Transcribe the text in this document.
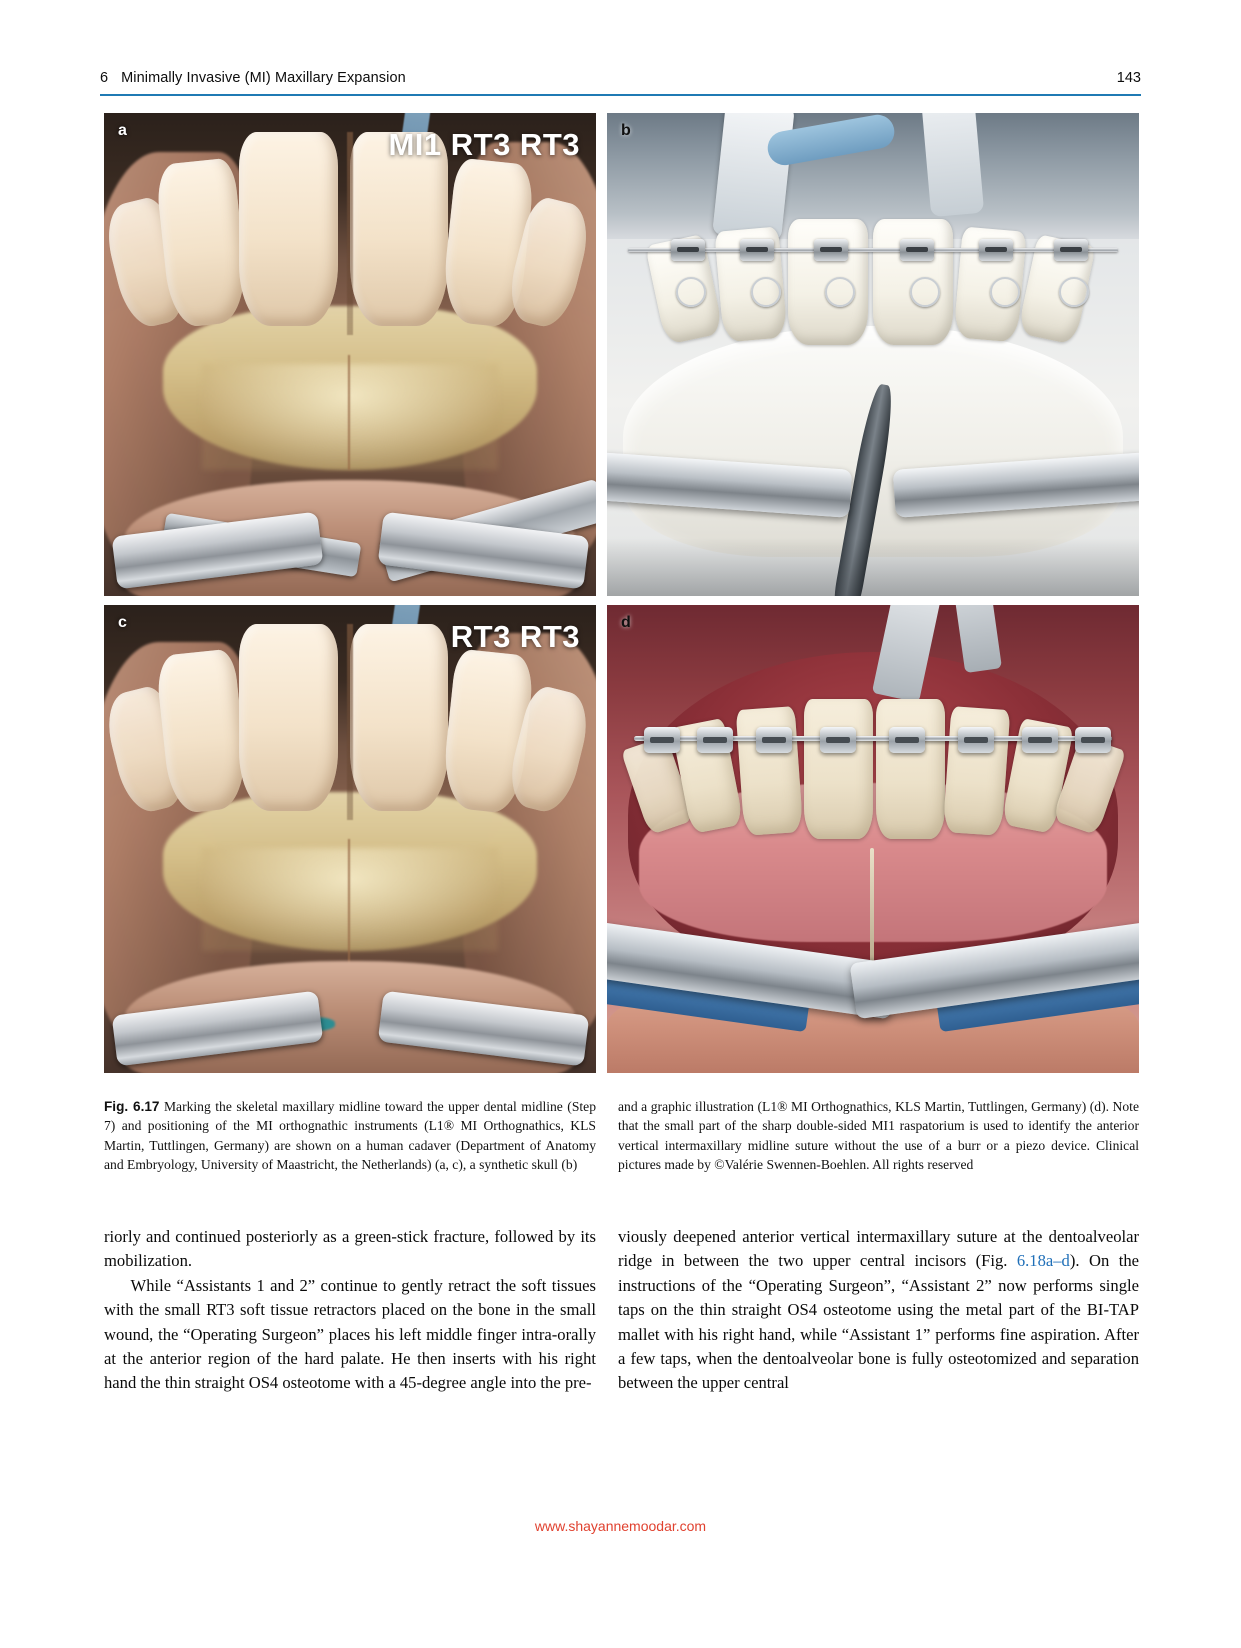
6 Minimally Invasive (MI) Maxillary Expansion	143
a	MI1 RT3 RT3	b
c	RT3 RT3	d
Fig. 6.17 Marking the skeletal maxillary midline toward the upper dental midline (Step 7) and positioning of the MI orthognathic instruments (L1® MI Orthognathics, KLS Martin, Tuttlingen, Germany) are shown on a human cadaver (Department of Anatomy and Embryology, University of Maastricht, the Netherlands) (a, c), a synthetic skull (b)
and a graphic illustration (L1® MI Orthognathics, KLS Martin, Tuttlingen, Germany) (d). Note that the small part of the sharp double-sided MI1 raspatorium is used to identify the anterior vertical intermaxillary midline suture without the use of a burr or a piezo device. Clinical pictures made by ©Valérie Swennen-Boehlen. All rights reserved

riorly and continued posteriorly as a green-stick fracture, followed by its mobilization.

While “Assistants 1 and 2” continue to gently retract the soft tissues with the small RT3 soft tissue retractors placed on the bone in the small wound, the “Operating Surgeon” places his left middle finger intra-orally at the anterior region of the hard palate. He then inserts with his right hand the thin straight OS4 osteotome with a 45-degree angle into the pre-

viously deepened anterior vertical intermaxillary suture at the dentoalveolar ridge in between the two upper central incisors (Fig. 6.18a–d). On the instructions of the “Operating Surgeon”, “Assistant 2” now performs single taps on the thin straight OS4 osteotome using the metal part of the BI-TAP mallet with his right hand, while “Assistant 1” performs fine aspiration. After a few taps, when the dentoalveolar bone is fully osteotomized and separation between the upper central

www.shayannemoodar.com
